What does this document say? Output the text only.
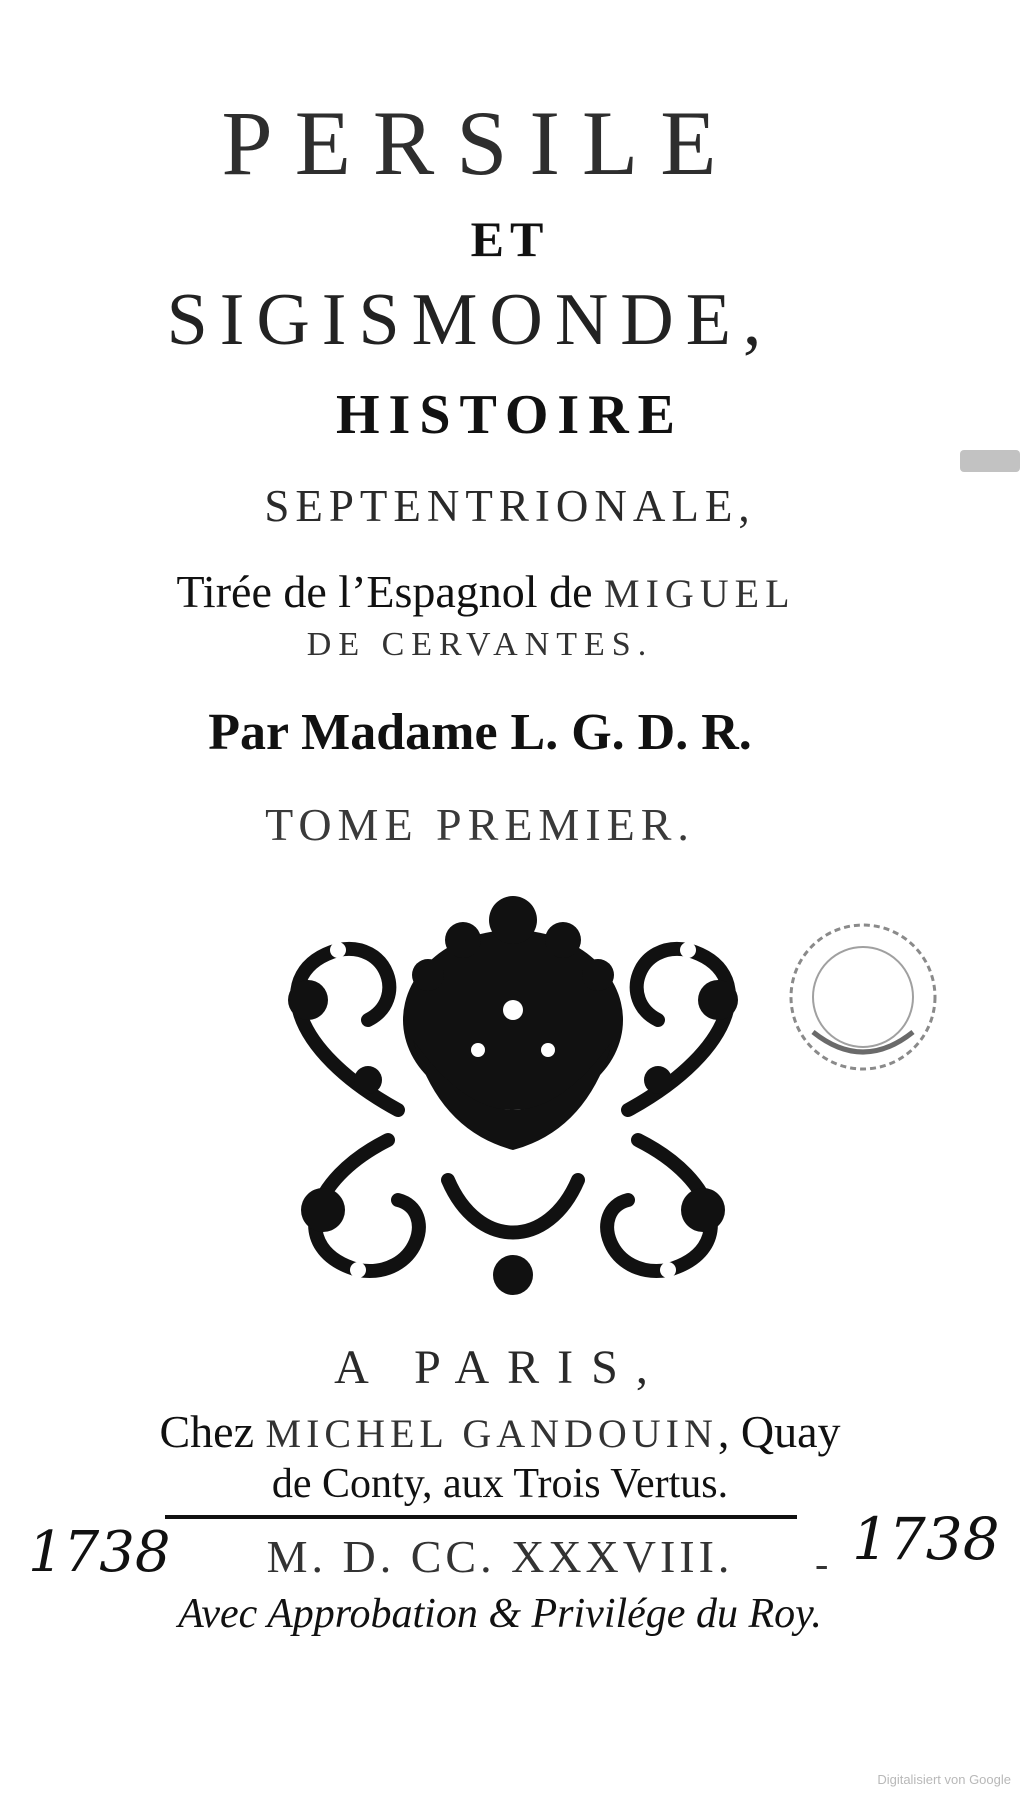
PERSILE
ET
SIGISMONDE,
HISTOIRE
SEPTENTRIONALE,
Tirée de l’Espagnol de MIGUEL
DE CERVANTES.
Par Madame L. G. D. R.
TOME PREMIER.
A PARIS,
Chez MICHEL GANDOUIN, Quay
de Conty, aux Trois Vertus.
1738	M. D. CC. XXXVIII.	- 1738
Avec Approbation & Privilége du Roy.
Digitalisiert von Google
